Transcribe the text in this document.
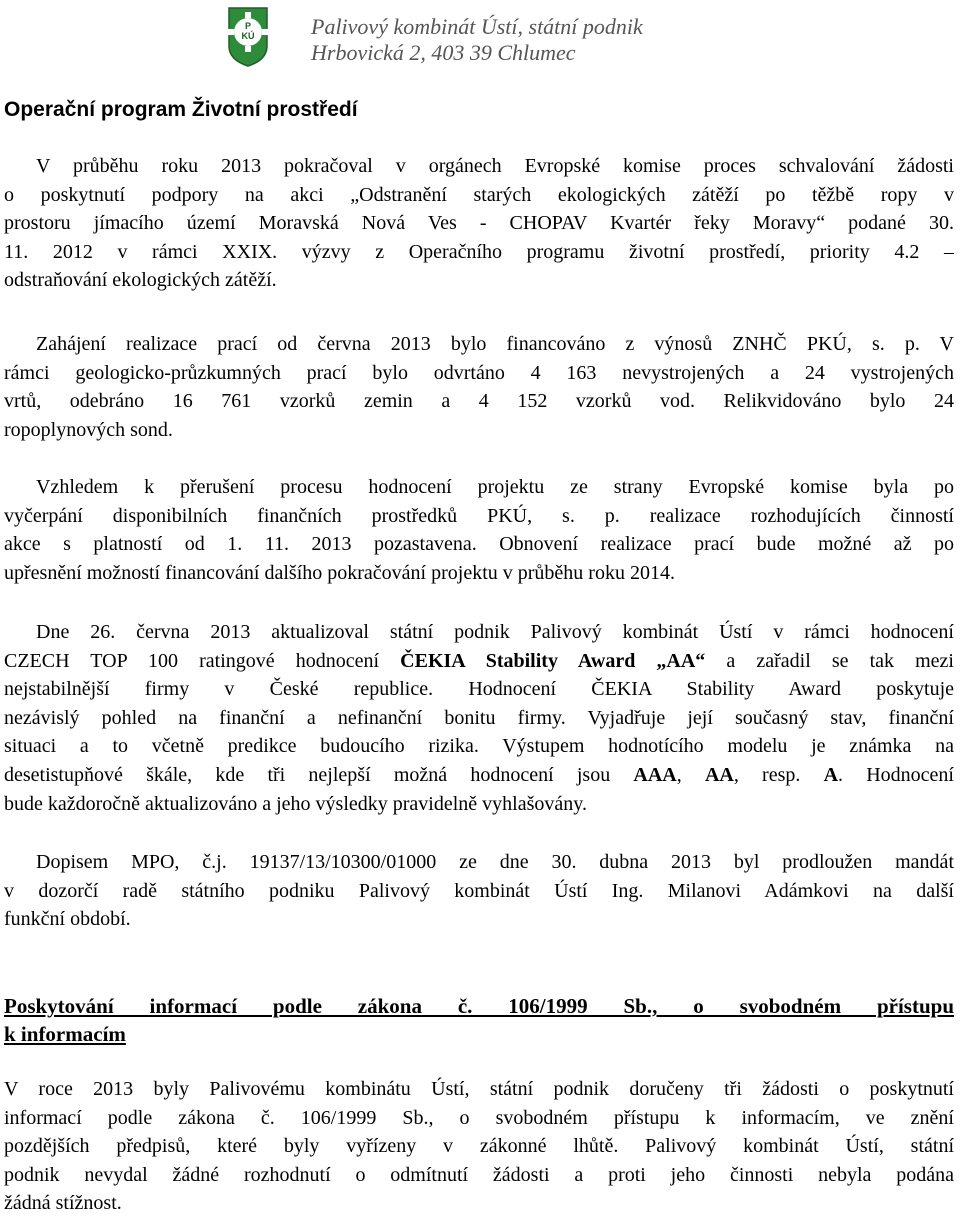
P
KÚ	Palivový kombinát Ústí, státní podnik
Hrbovická 2, 403 39 Chlumec
Operační program Životní prostředí
V průběhu roku 2013 pokračoval v orgánech Evropské komise proces schvalování žádosti
o poskytnutí podpory na akci „Odstranění starých ekologických zátěží po těžbě ropy v
prostoru jímacího území Moravská Nová Ves - CHOPAV Kvartér řeky Moravy“ podané 30.
11. 2012 v rámci XXIX. výzvy z Operačního programu životní prostředí, priority 4.2 –
odstraňování ekologických zátěží.
Zahájení realizace prací od června 2013 bylo financováno z výnosů ZNHČ PKÚ, s. p. V
rámci geologicko-průzkumných prací bylo odvrtáno 4 163 nevystrojených a 24 vystrojených
vrtů, odebráno 16 761 vzorků zemin a 4 152 vzorků vod. Relikvidováno bylo 24
ropoplynových sond.
Vzhledem k přerušení procesu hodnocení projektu ze strany Evropské komise byla po
vyčerpání disponibilních finančních prostředků PKÚ, s. p. realizace rozhodujících činností
akce s platností od 1. 11. 2013 pozastavena. Obnovení realizace prací bude možné až po
upřesnění možností financování dalšího pokračování projektu v průběhu roku 2014.
Dne 26. června 2013 aktualizoval státní podnik Palivový kombinát Ústí v rámci hodnocení
CZECH TOP 100 ratingové hodnocení ČEKIA Stability Award „AA“ a zařadil se tak mezi
nejstabilnější firmy v České republice. Hodnocení ČEKIA Stability Award poskytuje
nezávislý pohled na finanční a nefinanční bonitu firmy. Vyjadřuje její současný stav, finanční
situaci a to včetně predikce budoucího rizika. Výstupem hodnotícího modelu je známka na
desetistupňové škále, kde tři nejlepší možná hodnocení jsou AAA, AA, resp. A. Hodnocení
bude každoročně aktualizováno a jeho výsledky pravidelně vyhlašovány.
Dopisem MPO, č.j. 19137/13/10300/01000 ze dne 30. dubna 2013 byl prodloužen mandát
v dozorčí radě státního podniku Palivový kombinát Ústí Ing. Milanovi Adámkovi na další
funkční období.
Poskytování informací podle zákona č. 106/1999 Sb., o svobodném přístupu
k informacím
V roce 2013 byly Palivovému kombinátu Ústí, státní podnik doručeny tři žádosti o poskytnutí
informací podle zákona č. 106/1999 Sb., o svobodném přístupu k informacím, ve znění
pozdějších předpisů, které byly vyřízeny v zákonné lhůtě. Palivový kombinát Ústí, státní
podnik nevydal žádné rozhodnutí o odmítnutí žádosti a proti jeho činnosti nebyla podána
žádná stížnost.
